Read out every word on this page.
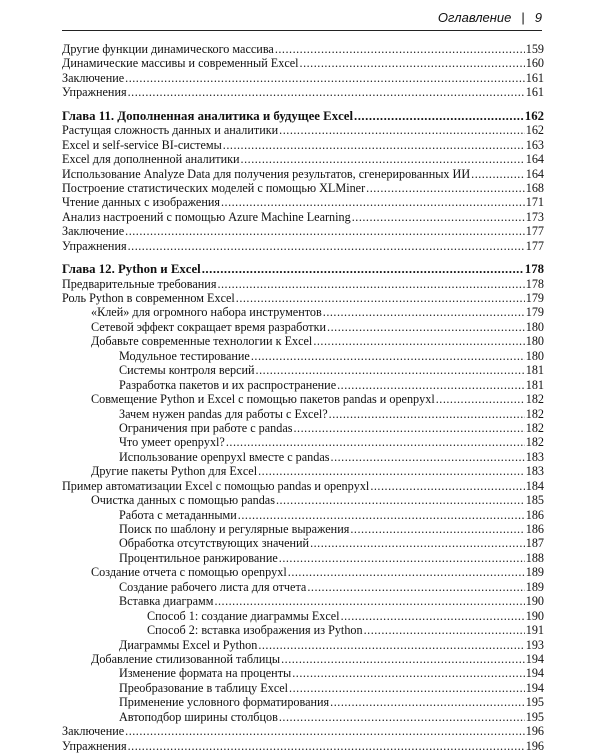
Оглавление | 9
Другие функции динамического массива .....	159
Динамические массивы и современный Excel .....	160
Заключение .....	161
Упражнения .....	161
Глава 11. Дополненная аналитика и будущее Excel .....	162
Растущая сложность данных и аналитики .....	162
Excel и self-service BI-системы .....	163
Excel для дополненной аналитики .....	164
Использование Analyze Data для получения результатов, сгенерированных ИИ .....	164
Построение статистических моделей с помощью XLMiner .....	168
Чтение данных с изображения .....	171
Анализ настроений с помощью Azure Machine Learning .....	173
Заключение .....	177
Упражнения .....	177
Глава 12. Python и Excel .....	178
Предварительные требования .....	178
Роль Python в современном Excel .....	179
«Клей» для огромного набора инструментов .....	179
Сетевой эффект сокращает время разработки .....	180
Добавьте современные технологии к Excel .....	180
Модульное тестирование .....	180
Системы контроля версий .....	181
Разработка пакетов и их распространение .....	181
Совмещение Python и Excel с помощью пакетов pandas и openpyxl .....	182
Зачем нужен pandas для работы с Excel? .....	182
Ограничения при работе с pandas .....	182
Что умеет openpyxl? .....	182
Использование openpyxl вместе с pandas .....	183
Другие пакеты Python для Excel .....	183
Пример автоматизации Excel с помощью pandas и openpyxl .....	184
Очистка данных с помощью pandas .....	185
Работа с метаданными .....	186
Поиск по шаблону и регулярные выражения .....	186
Обработка отсутствующих значений .....	187
Процентильное ранжирование .....	188
Создание отчета с помощью openpyxl .....	189
Создание рабочего листа для отчета .....	189
Вставка диаграмм .....	190
Способ 1: создание диаграммы Excel .....	190
Способ 2: вставка изображения из Python .....	191
Диаграммы Excel и Python .....	193
Добавление стилизованной таблицы .....	194
Изменение формата на проценты .....	194
Преобразование в таблицу Excel .....	194
Применение условного форматирования .....	195
Автоподбор ширины столбцов .....	195
Заключение .....	196
Упражнения .....	196
